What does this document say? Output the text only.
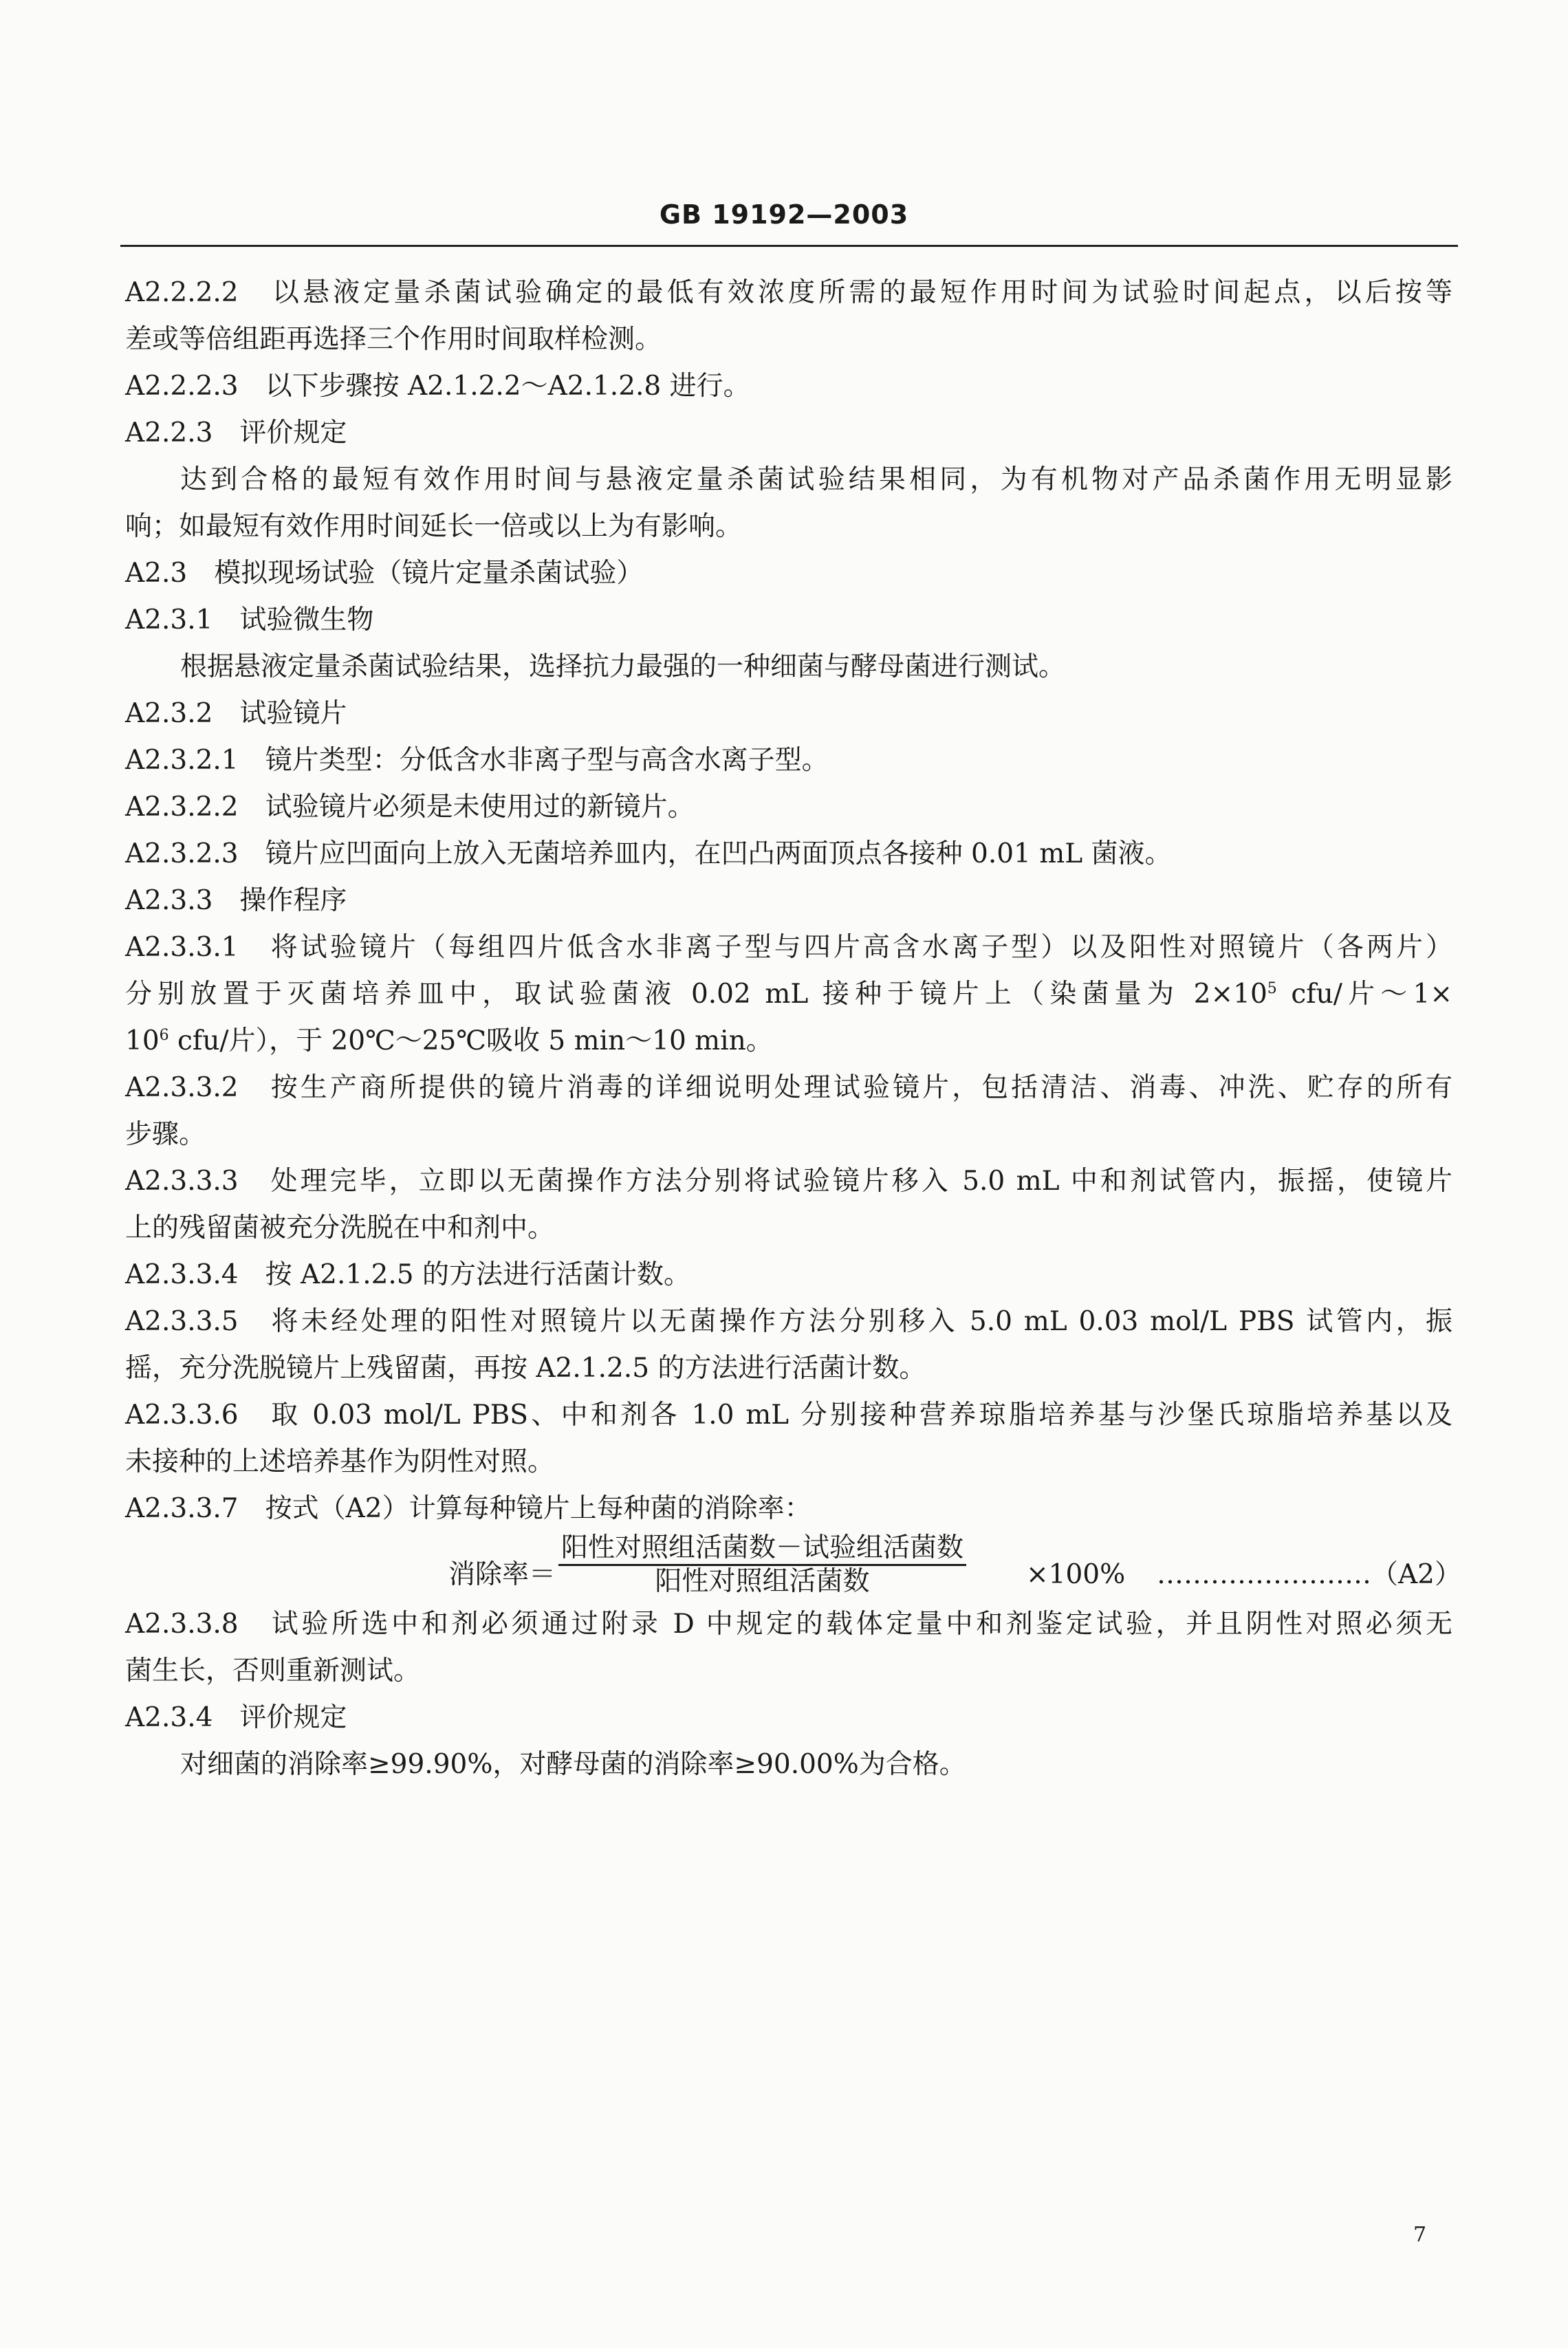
GB 19192—2003
A2.2.2.2　以悬液定量杀菌试验确定的最低有效浓度所需的最短作用时间为试验时间起点，以后按等
差或等倍组距再选择三个作用时间取样检测。
A2.2.2.3　以下步骤按 A2.1.2.2～A2.1.2.8 进行。
A2.2.3　评价规定
达到合格的最短有效作用时间与悬液定量杀菌试验结果相同，为有机物对产品杀菌作用无明显影
响；如最短有效作用时间延长一倍或以上为有影响。
A2.3　模拟现场试验（镜片定量杀菌试验）
A2.3.1　试验微生物
根据悬液定量杀菌试验结果，选择抗力最强的一种细菌与酵母菌进行测试。
A2.3.2　试验镜片
A2.3.2.1　镜片类型：分低含水非离子型与高含水离子型。
A2.3.2.2　试验镜片必须是未使用过的新镜片。
A2.3.2.3　镜片应凹面向上放入无菌培养皿内，在凹凸两面顶点各接种 0.01 mL 菌液。
A2.3.3　操作程序
A2.3.3.1　将试验镜片（每组四片低含水非离子型与四片高含水离子型）以及阳性对照镜片（各两片）
分别放置于灭菌培养皿中，取试验菌液 0.02 mL 接种于镜片上（染菌量为 $2\times 10^5$ cfu/片～1×
$10^6$ cfu/片），于 20℃～25℃吸收 5 min～10 min。
A2.3.3.2　按生产商所提供的镜片消毒的详细说明处理试验镜片，包括清洁、消毒、冲洗、贮存的所有
步骤。
A2.3.3.3　处理完毕，立即以无菌操作方法分别将试验镜片移入 5.0 mL 中和剂试管内，振摇，使镜片
上的残留菌被充分洗脱在中和剂中。
A2.3.3.4　按 A2.1.2.5 的方法进行活菌计数。
A2.3.3.5　将未经处理的阳性对照镜片以无菌操作方法分别移入 5.0 mL 0.03 mol/L PBS 试管内，振
摇，充分洗脱镜片上残留菌，再按 A2.1.2.5 的方法进行活菌计数。
A2.3.3.6　取 0.03 mol/L PBS、中和剂各 1.0 mL 分别接种营养琼脂培养基与沙堡氏琼脂培养基以及
未接种的上述培养基作为阴性对照。
A2.3.3.7　按式（A2）计算每种镜片上每种菌的消除率：
消除率＝
阳性对照组活菌数－试验组活菌数
阳性对照组活菌数	×100% ……………………（A2）
A2.3.3.8　试验所选中和剂必须通过附录 D 中规定的载体定量中和剂鉴定试验，并且阴性对照必须无
菌生长，否则重新测试。
A2.3.4　评价规定
对细菌的消除率≥99.90%，对酵母菌的消除率≥90.00%为合格。
7
